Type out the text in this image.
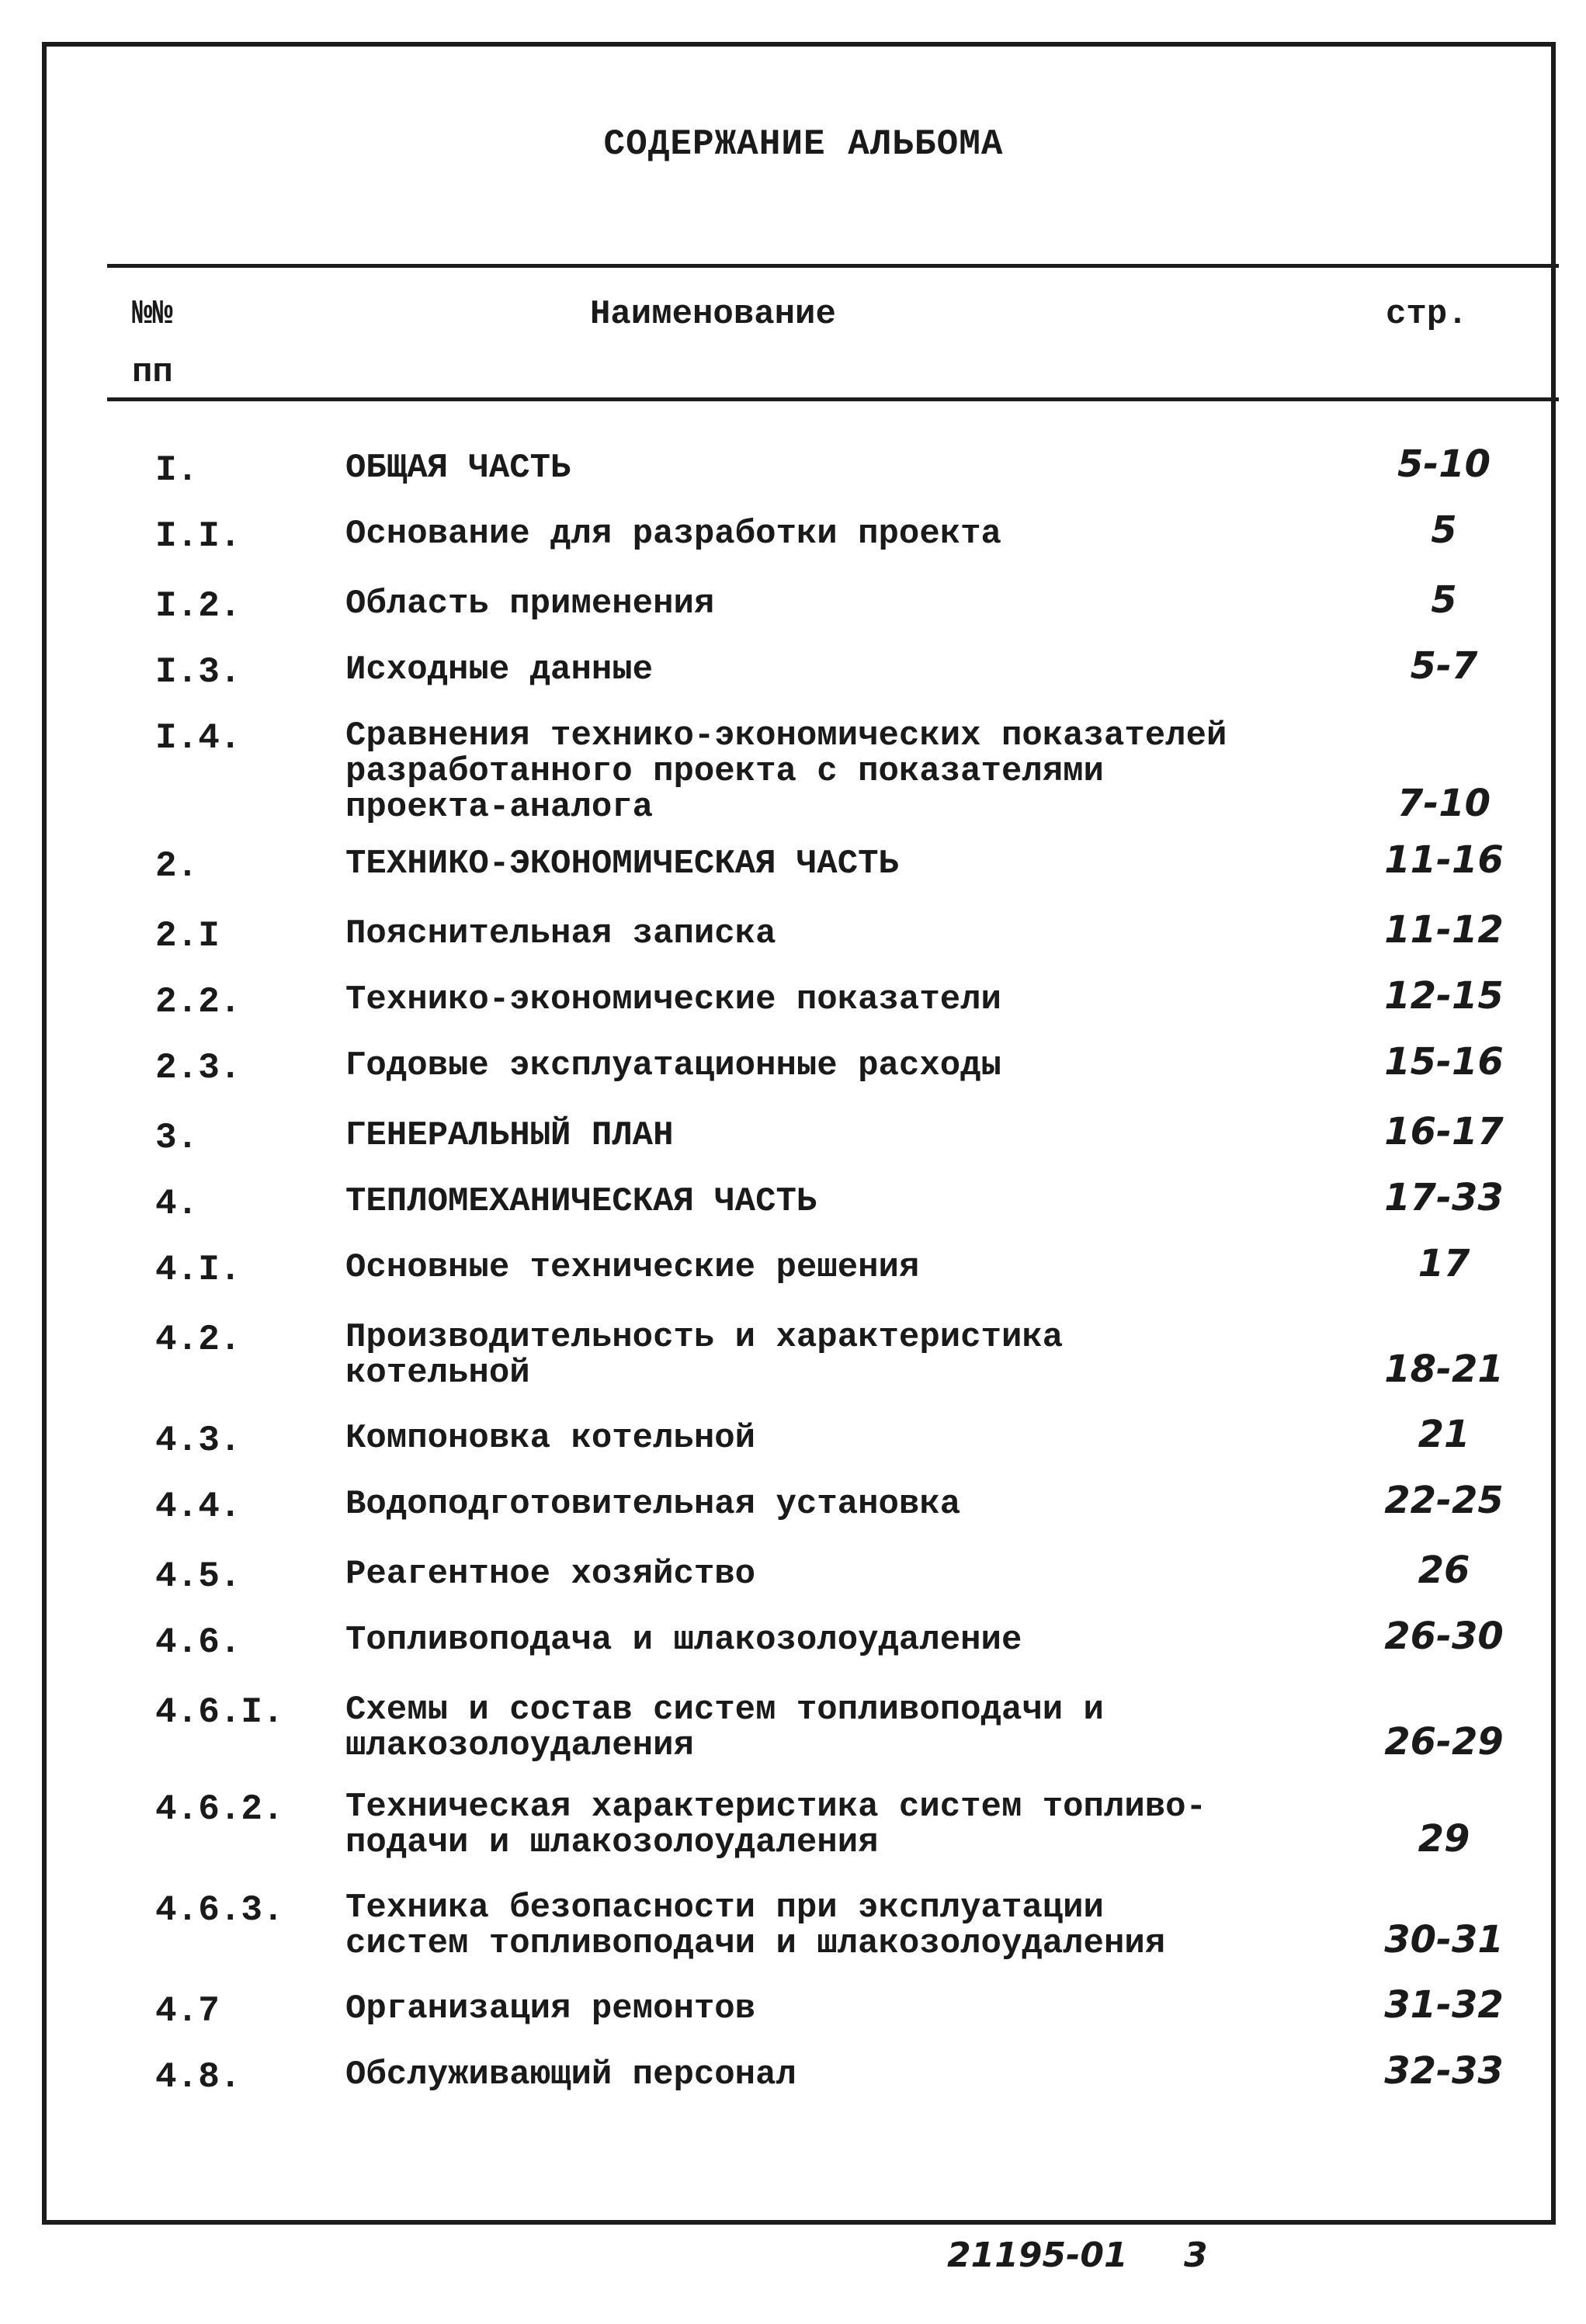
СОДЕРЖАНИЕ АЛЬБОМА
№№
пп
Наименование	стр.
I.	ОБЩАЯ ЧАСТЬ	5-10
I.I.	Основание для разработки проекта	5
I.2.	Область применения	5
I.3.	Исходные данные	5-7
I.4.	Сравнения технико-экономических показателей
разработанного проекта с показателями
проекта-аналога	7-10
2.	ТЕХНИКО-ЭКОНОМИЧЕСКАЯ ЧАСТЬ	11-16
2.I	Пояснительная записка	11-12
2.2.	Технико-экономические показатели	12-15
2.3.	Годовые эксплуатационные расходы	15-16
3.	ГЕНЕРАЛЬНЫЙ ПЛАН	16-17
4.	ТЕПЛОМЕХАНИЧЕСКАЯ ЧАСТЬ	17-33
4.I.	Основные технические решения	17
4.2.	Производительность и характеристика
котельной	18-21
4.3.	Компоновка котельной	21
4.4.	Водоподготовительная установка	22-25
4.5.	Реагентное хозяйство	26
4.6.	Топливоподача и шлакозолоудаление	26-30
4.6.I. Схемы и состав систем топливоподачи и
шлакозолоудаления	26-29
4.6.2. Техническая характеристика систем топливо-
подачи и шлакозолоудаления	29
4.6.3. Техника безопасности при эксплуатации
систем топливоподачи и шлакозолоудаления	30-31
4.7	Организация ремонтов	31-32
4.8.	Обслуживающий персонал	32-33
21195-01 3
